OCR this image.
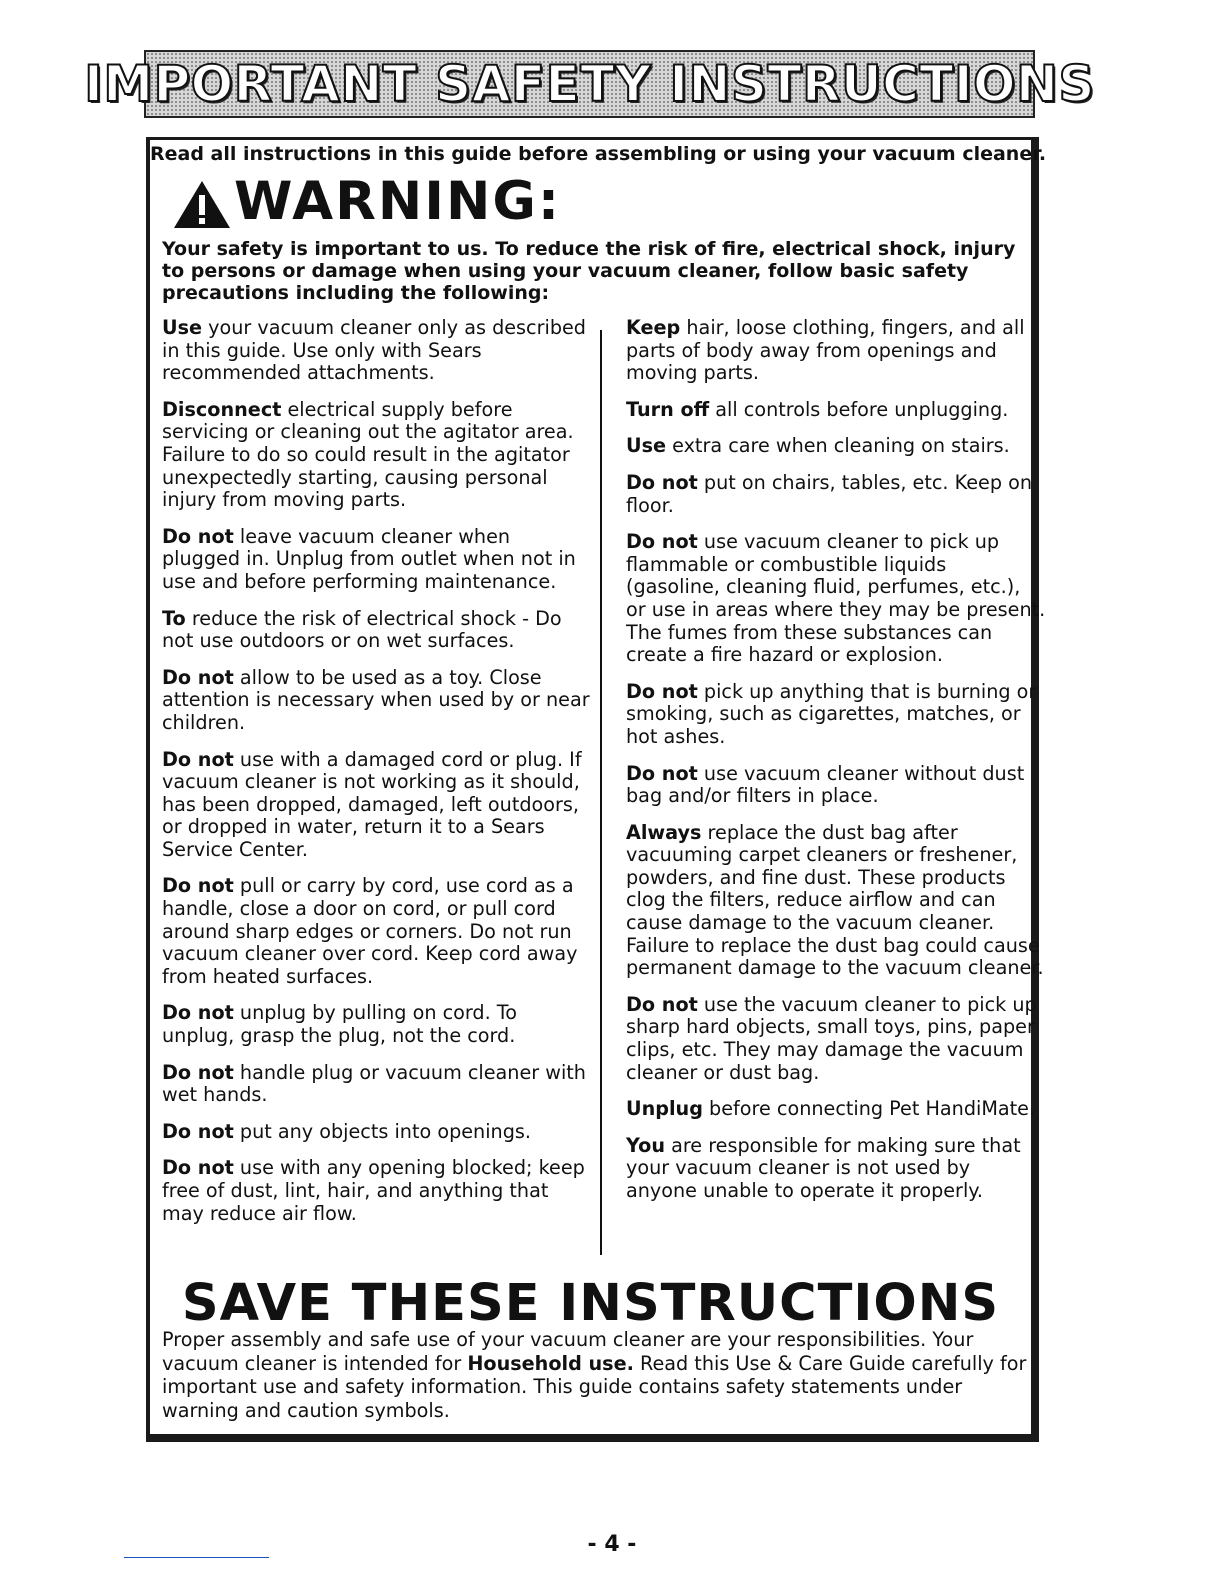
IMPORTANT SAFETY INSTRUCTIONS
Read all instructions in this guide before assembling or using your vacuum cleaner.
WARNING:
Your safety is important to us. To reduce the risk of fire, electrical shock, injury to persons or damage when using your vacuum cleaner, follow basic safety precautions including the following:

Use your vacuum cleaner only as described in this guide. Use only with Sears recommended attachments.

Disconnect electrical supply before servicing or cleaning out the agitator area. Failure to do so could result in the agitator unexpectedly starting, causing personal injury from moving parts.

Do not leave vacuum cleaner when plugged in. Unplug from outlet when not in use and before performing maintenance.

To reduce the risk of electrical shock - Do not use outdoors or on wet surfaces.

Do not allow to be used as a toy. Close attention is necessary when used by or near children.

Do not use with a damaged cord or plug. If vacuum cleaner is not working as it should, has been dropped, damaged, left outdoors, or dropped in water, return it to a Sears Service Center.

Do not pull or carry by cord, use cord as a handle, close a door on cord, or pull cord around sharp edges or corners. Do not run vacuum cleaner over cord. Keep cord away from heated surfaces.

Do not unplug by pulling on cord. To unplug, grasp the plug, not the cord.

Do not handle plug or vacuum cleaner with wet hands.

Do not put any objects into openings.

Do not use with any opening blocked; keep free of dust, lint, hair, and anything that may reduce air flow.

Keep hair, loose clothing, fingers, and all parts of body away from openings and moving parts.

Turn off all controls before unplugging.

Use extra care when cleaning on stairs.

Do not put on chairs, tables, etc. Keep on floor.

Do not use vacuum cleaner to pick up flammable or combustible liquids (gasoline, cleaning fluid, perfumes, etc.), or use in areas where they may be present. The fumes from these substances can create a fire hazard or explosion.

Do not pick up anything that is burning or smoking, such as cigarettes, matches, or hot ashes.

Do not use vacuum cleaner without dust bag and/or filters in place.

Always replace the dust bag after vacuuming carpet cleaners or freshener, powders, and fine dust. These products clog the filters, reduce airflow and can cause damage to the vacuum cleaner. Failure to replace the dust bag could cause permanent damage to the vacuum cleaner.

Do not use the vacuum cleaner to pick up sharp hard objects, small toys, pins, paper clips, etc. They may damage the vacuum cleaner or dust bag.

Unplug before connecting Pet HandiMate.

You are responsible for making sure that your vacuum cleaner is not used by anyone unable to operate it properly.

SAVE THESE INSTRUCTIONS
Proper assembly and safe use of your vacuum cleaner are your responsibilities. Your vacuum cleaner is intended for Household use. Read this Use & Care Guide carefully for important use and safety information. This guide contains safety statements under warning and caution symbols.
- 4 -
